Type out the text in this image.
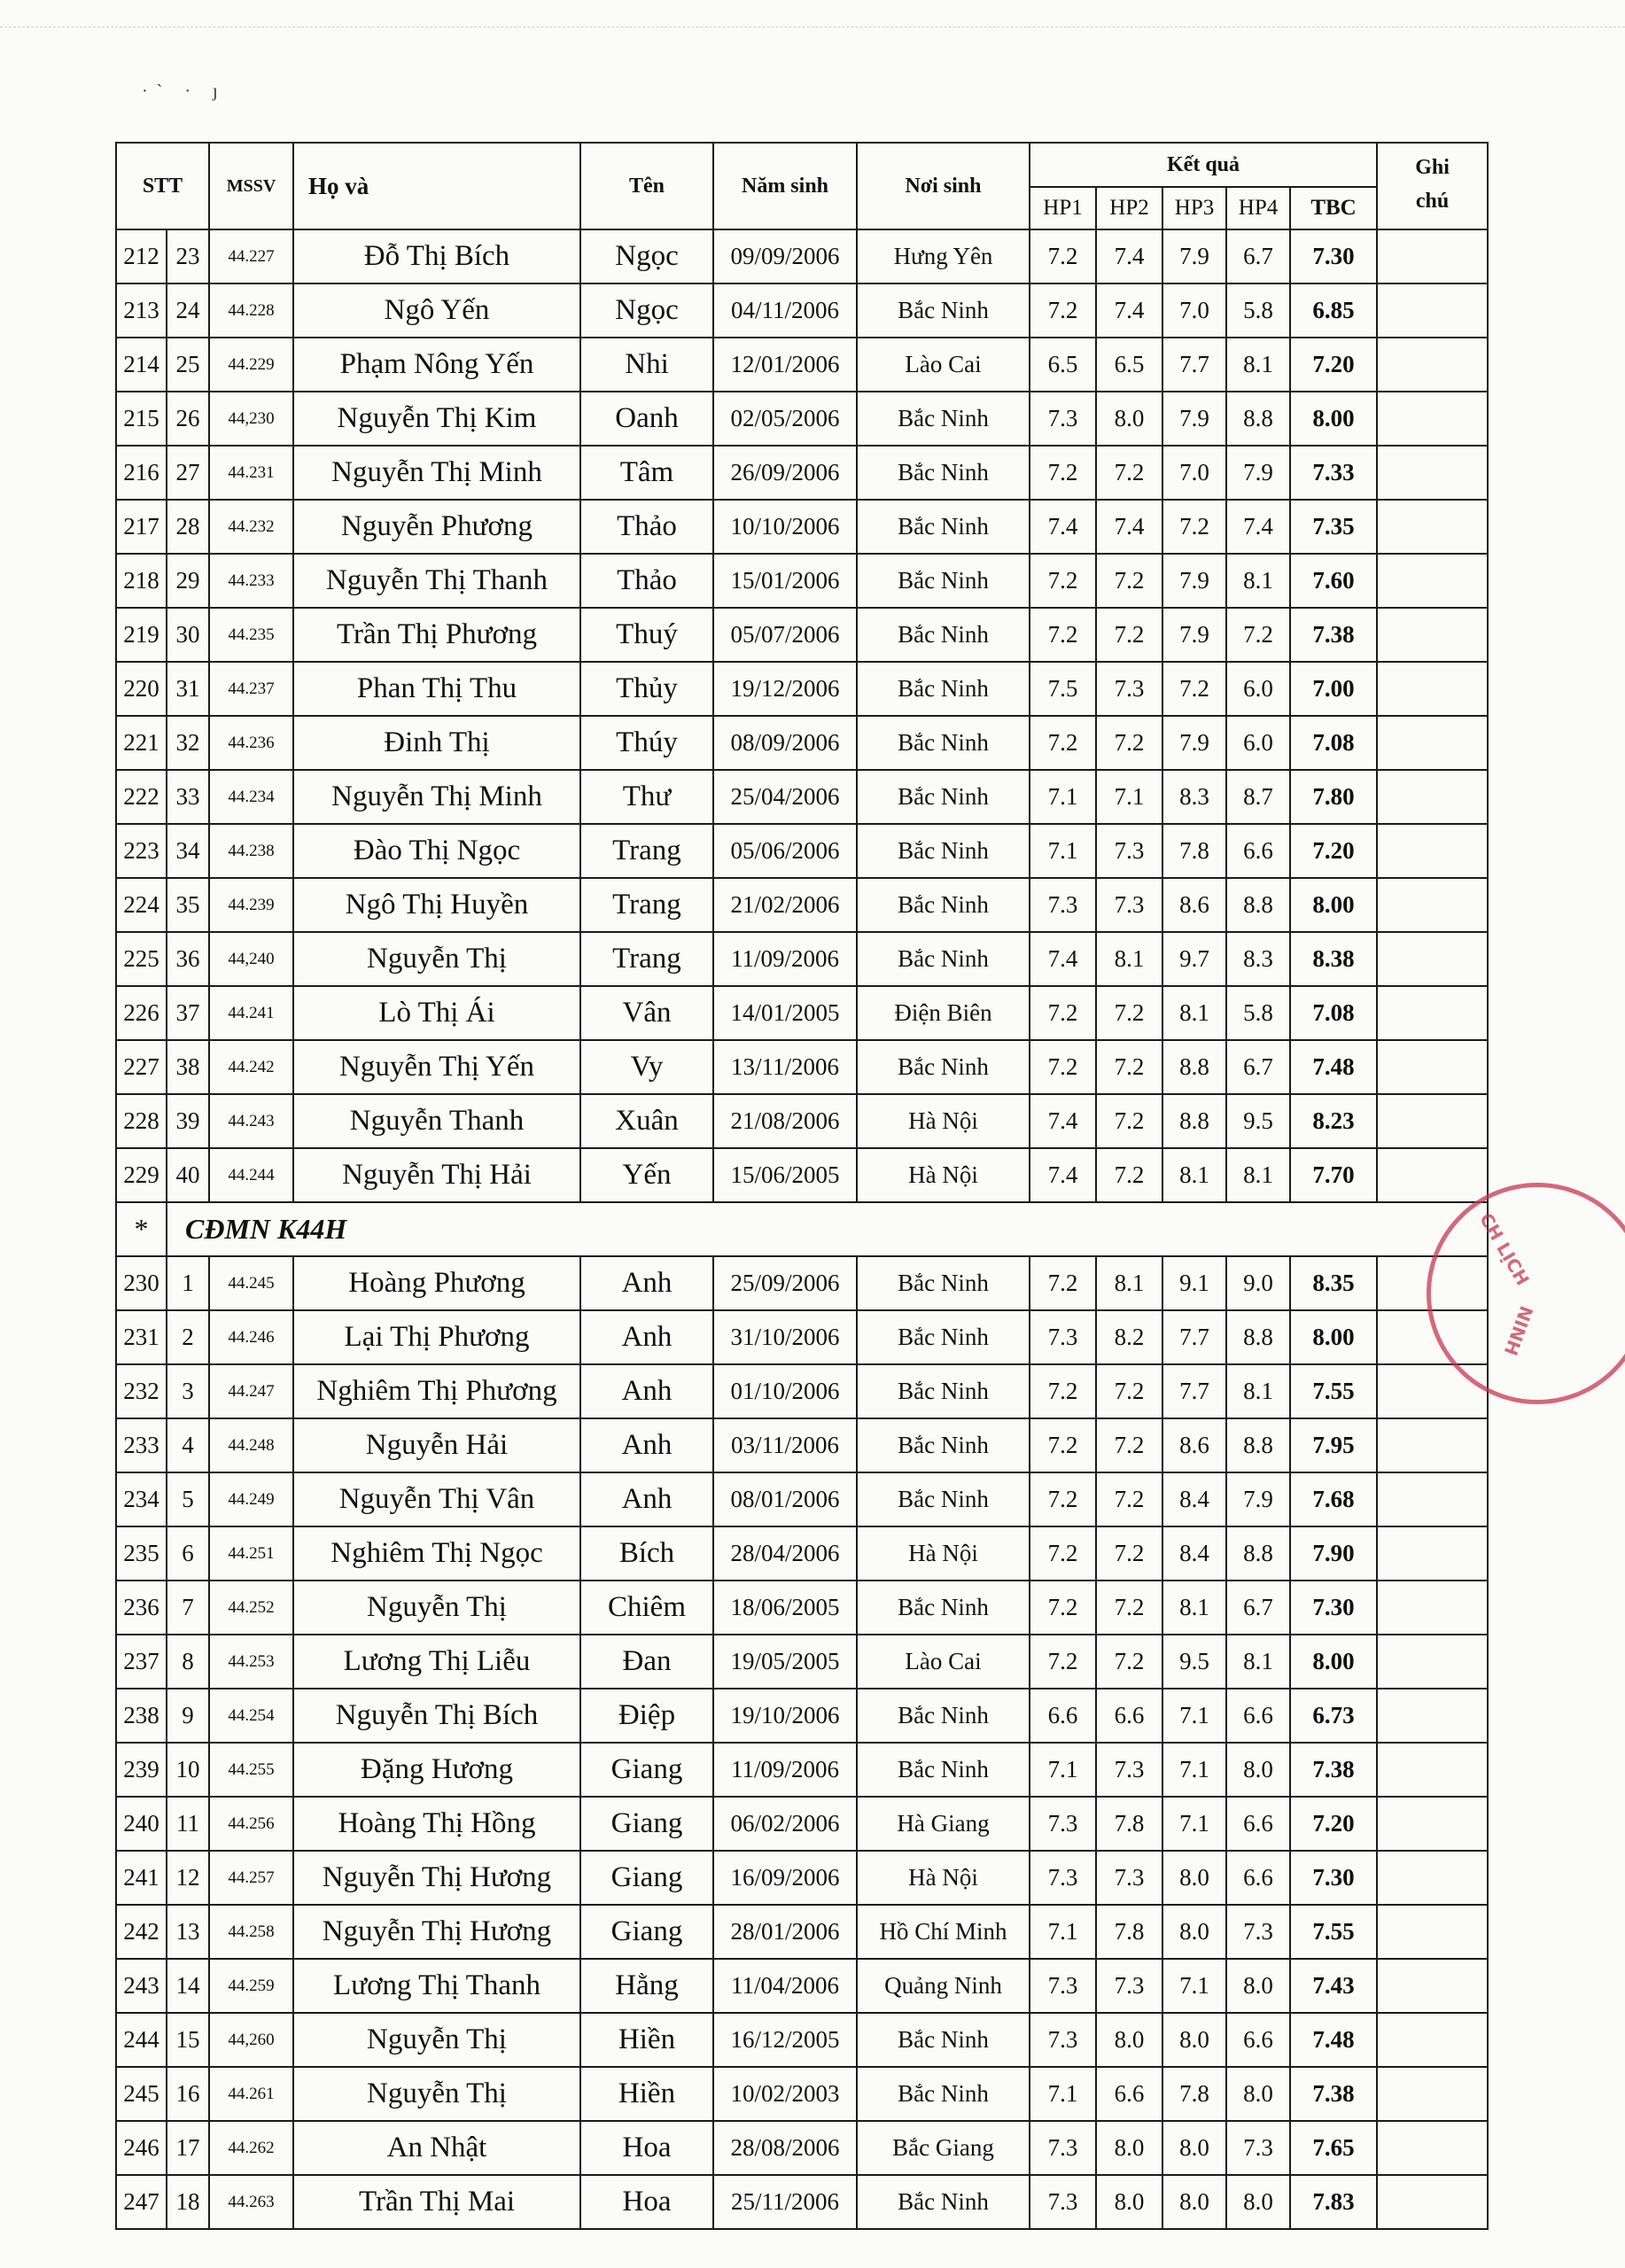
·ˋ · ȷ
STT		MSSV	Họ và	Tên	Năm sinh	Nơi sinh	Kết quả					Ghi chú
							HP1	HP2	HP3	HP4	TBC	
212	23	44.227	Đỗ Thị Bích	Ngọc	09/09/2006	Hưng Yên	7.2	7.4	7.9	6.7	7.30	
213	24	44.228	Ngô Yến	Ngọc	04/11/2006	Bắc Ninh	7.2	7.4	7.0	5.8	6.85	
214	25	44.229	Phạm Nông Yến	Nhi	12/01/2006	Lào Cai	6.5	6.5	7.7	8.1	7.20	
215	26	44,230	Nguyễn Thị Kim	Oanh	02/05/2006	Bắc Ninh	7.3	8.0	7.9	8.8	8.00	
216	27	44.231	Nguyễn Thị Minh	Tâm	26/09/2006	Bắc Ninh	7.2	7.2	7.0	7.9	7.33	
217	28	44.232	Nguyễn Phương	Thảo	10/10/2006	Bắc Ninh	7.4	7.4	7.2	7.4	7.35	
218	29	44.233	Nguyễn Thị Thanh	Thảo	15/01/2006	Bắc Ninh	7.2	7.2	7.9	8.1	7.60	
219	30	44.235	Trần Thị Phương	Thuý	05/07/2006	Bắc Ninh	7.2	7.2	7.9	7.2	7.38	
220	31	44.237	Phan Thị Thu	Thủy	19/12/2006	Bắc Ninh	7.5	7.3	7.2	6.0	7.00	
221	32	44.236	Đinh Thị	Thúy	08/09/2006	Bắc Ninh	7.2	7.2	7.9	6.0	7.08	
222	33	44.234	Nguyễn Thị Minh	Thư	25/04/2006	Bắc Ninh	7.1	7.1	8.3	8.7	7.80	
223	34	44.238	Đào Thị Ngọc	Trang	05/06/2006	Bắc Ninh	7.1	7.3	7.8	6.6	7.20	
224	35	44.239	Ngô Thị Huyền	Trang	21/02/2006	Bắc Ninh	7.3	7.3	8.6	8.8	8.00	
225	36	44,240	Nguyễn Thị	Trang	11/09/2006	Bắc Ninh	7.4	8.1	9.7	8.3	8.38	
226	37	44.241	Lò Thị Ái	Vân	14/01/2005	Điện Biên	7.2	7.2	8.1	5.8	7.08	
227	38	44.242	Nguyễn Thị Yến	Vy	13/11/2006	Bắc Ninh	7.2	7.2	8.8	6.7	7.48	
228	39	44.243	Nguyễn Thanh	Xuân	21/08/2006	Hà Nội	7.4	7.2	8.8	9.5	8.23	
229	40	44.244	Nguyễn Thị Hải	Yến	15/06/2005	Hà Nội	7.4	7.2	8.1	8.1	7.70	
*	CĐMN K44H											
230	1	44.245	Hoàng Phương	Anh	25/09/2006	Bắc Ninh	7.2	8.1	9.1	9.0	8.35	
231	2	44.246	Lại Thị Phương	Anh	31/10/2006	Bắc Ninh	7.3	8.2	7.7	8.8	8.00	
232	3	44.247	Nghiêm Thị Phương	Anh	01/10/2006	Bắc Ninh	7.2	7.2	7.7	8.1	7.55	
233	4	44.248	Nguyễn Hải	Anh	03/11/2006	Bắc Ninh	7.2	7.2	8.6	8.8	7.95	
234	5	44.249	Nguyễn Thị Vân	Anh	08/01/2006	Bắc Ninh	7.2	7.2	8.4	7.9	7.68	
235	6	44.251	Nghiêm Thị Ngọc	Bích	28/04/2006	Hà Nội	7.2	7.2	8.4	8.8	7.90	
236	7	44.252	Nguyễn Thị	Chiêm	18/06/2005	Bắc Ninh	7.2	7.2	8.1	6.7	7.30	
237	8	44.253	Lương Thị Liễu	Đan	19/05/2005	Lào Cai	7.2	7.2	9.5	8.1	8.00	
238	9	44.254	Nguyễn Thị Bích	Điệp	19/10/2006	Bắc Ninh	6.6	6.6	7.1	6.6	6.73	
239	10	44.255	Đặng Hương	Giang	11/09/2006	Bắc Ninh	7.1	7.3	7.1	8.0	7.38	
240	11	44.256	Hoàng Thị Hồng	Giang	06/02/2006	Hà Giang	7.3	7.8	7.1	6.6	7.20	
241	12	44.257	Nguyễn Thị Hương	Giang	16/09/2006	Hà Nội	7.3	7.3	8.0	6.6	7.30	
242	13	44.258	Nguyễn Thị Hương	Giang	28/01/2006	Hồ Chí Minh	7.1	7.8	8.0	7.3	7.55	
243	14	44.259	Lương Thị Thanh	Hằng	11/04/2006	Quảng Ninh	7.3	7.3	7.1	8.0	7.43	
244	15	44,260	Nguyễn Thị	Hiền	16/12/2005	Bắc Ninh	7.3	8.0	8.0	6.6	7.48	
245	16	44.261	Nguyễn Thị	Hiền	10/02/2003	Bắc Ninh	7.1	6.6	7.8	8.0	7.38	
246	17	44.262	An Nhật	Hoa	28/08/2006	Bắc Giang	7.3	8.0	8.0	7.3	7.65	
247	18	44.263	Trần Thị Mai	Hoa	25/11/2006	Bắc Ninh	7.3	8.0	8.0	8.0	7.83	
CH LỊCH
NINH
